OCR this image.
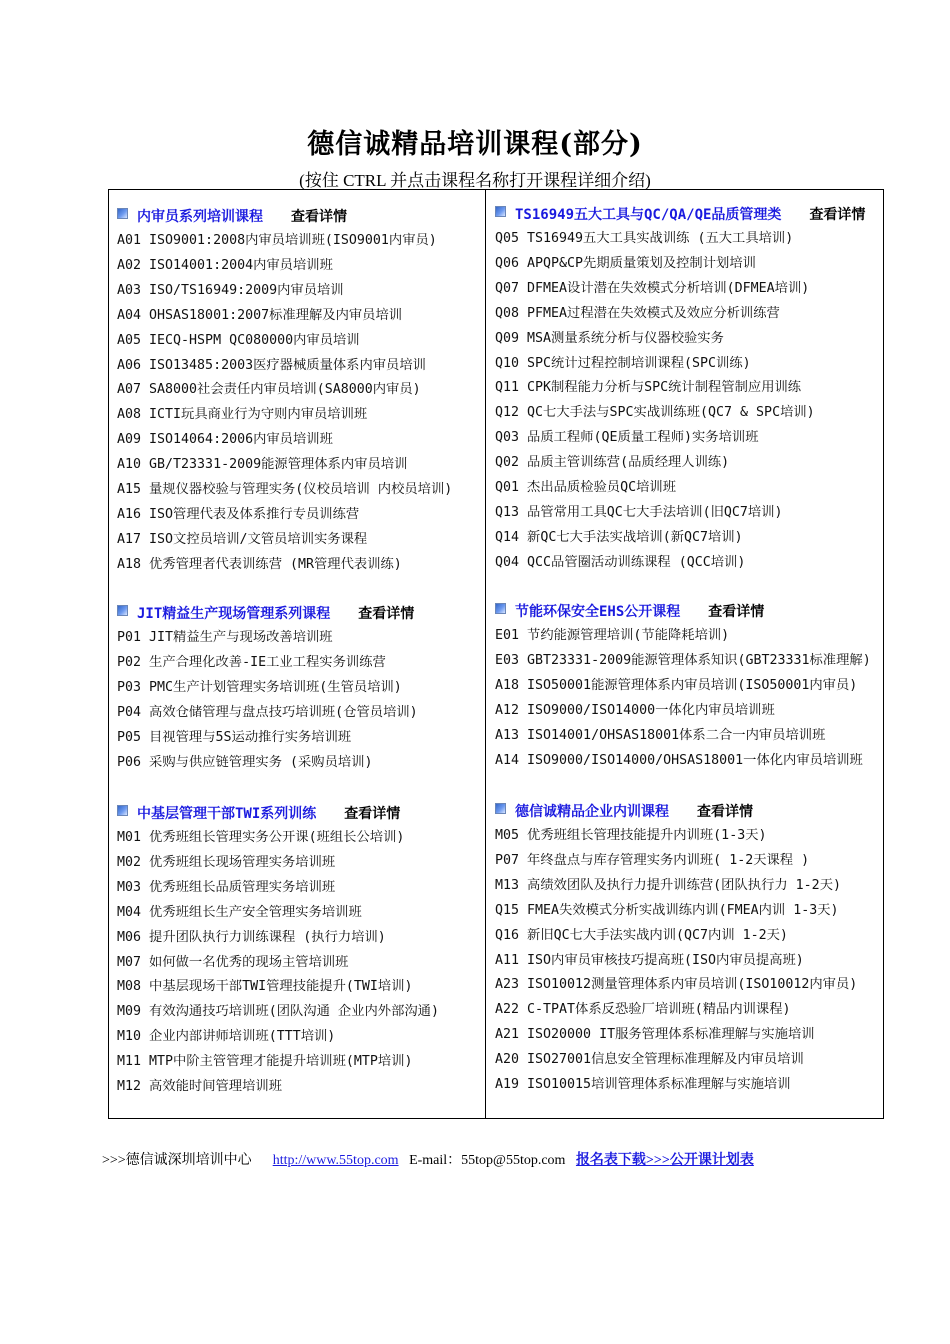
德信诚精品培训课程(部分)
(按住 CTRL 并点击课程名称打开课程详细介绍)
内审员系列培训课程 查看详情
A01 ISO9001:2008内审员培训班(ISO9001内审员)
A02 ISO14001:2004内审员培训班
A03 ISO/TS16949:2009内审员培训
A04 OHSAS18001:2007标准理解及内审员培训
A05 IECQ-HSPM QC080000内审员培训
A06 ISO13485:2003医疗器械质量体系内审员培训
A07 SA8000社会责任内审员培训(SA8000内审员)
A08 ICTI玩具商业行为守则内审员培训班
A09 ISO14064:2006内审员培训班
A10 GB/T23331-2009能源管理体系内审员培训
A15 量规仪器校验与管理实务(仪校员培训 内校员培训)
A16 ISO管理代表及体系推行专员训练营
A17 ISO文控员培训/文管员培训实务课程
A18 优秀管理者代表训练营 (MR管理代表训练)
JIT精益生产现场管理系列课程 查看详情
P01 JIT精益生产与现场改善培训班
P02 生产合理化改善-IE工业工程实务训练营
P03 PMC生产计划管理实务培训班(生管员培训)
P04 高效仓储管理与盘点技巧培训班(仓管员培训)
P05 目视管理与5S运动推行实务培训班
P06 采购与供应链管理实务 (采购员培训)
中基层管理干部TWI系列训练 查看详情
M01 优秀班组长管理实务公开课(班组长公培训)
M02 优秀班组长现场管理实务培训班
M03 优秀班组长品质管理实务培训班
M04 优秀班组长生产安全管理实务培训班
M06 提升团队执行力训练课程 (执行力培训)
M07 如何做一名优秀的现场主管培训班
M08 中基层现场干部TWI管理技能提升(TWI培训)
M09 有效沟通技巧培训班(团队沟通 企业内外部沟通)
M10 企业内部讲师培训班(TTT培训)
M11 MTP中阶主管管理才能提升培训班(MTP培训)
M12 高效能时间管理培训班
TS16949五大工具与QC/QA/QE品质管理类 查看详情
Q05 TS16949五大工具实战训练 (五大工具培训)
Q06 APQP&CP先期质量策划及控制计划培训
Q07 DFMEA设计潜在失效模式分析培训(DFMEA培训)
Q08 PFMEA过程潜在失效模式及效应分析训练营
Q09 MSA测量系统分析与仪器校验实务
Q10 SPC统计过程控制培训课程(SPC训练)
Q11 CPK制程能力分析与SPC统计制程管制应用训练
Q12 QC七大手法与SPC实战训练班(QC7 & SPC培训)
Q03 品质工程师(QE质量工程师)实务培训班
Q02 品质主管训练营(品质经理人训练)
Q01 杰出品质检验员QC培训班
Q13 品管常用工具QC七大手法培训(旧QC7培训)
Q14 新QC七大手法实战培训(新QC7培训)
Q04 QCC品管圈活动训练课程 (QCC培训)
节能环保安全EHS公开课程 查看详情
E01 节约能源管理培训(节能降耗培训)
E03 GBT23331-2009能源管理体系知识(GBT23331标准理解)
A18 ISO50001能源管理体系内审员培训(ISO50001内审员)
A12 ISO9000/ISO14000一体化内审员培训班
A13 ISO14001/OHSAS18001体系二合一内审员培训班
A14 ISO9000/ISO14000/OHSAS18001一体化内审员培训班
德信诚精品企业内训课程 查看详情
M05 优秀班组长管理技能提升内训班(1-3天)
P07 年终盘点与库存管理实务内训班( 1-2天课程 )
M13 高绩效团队及执行力提升训练营(团队执行力 1-2天)
Q15 FMEA失效模式分析实战训练内训(FMEA内训 1-3天)
Q16 新旧QC七大手法实战内训(QC7内训 1-2天)
A11 ISO内审员审核技巧提高班(ISO内审员提高班)
A23 ISO10012测量管理体系内审员培训(ISO10012内审员)
A22 C-TPAT体系反恐验厂培训班(精品内训课程)
A21 ISO20000 IT服务管理体系标准理解与实施培训
A20 ISO27001信息安全管理标准理解及内审员培训
A19 ISO10015培训管理体系标准理解与实施培训
>>>德信诚深圳培训中心 http://www.55top.com E-mail：55top@55top.com 报名表下载>>>公开课计划表
